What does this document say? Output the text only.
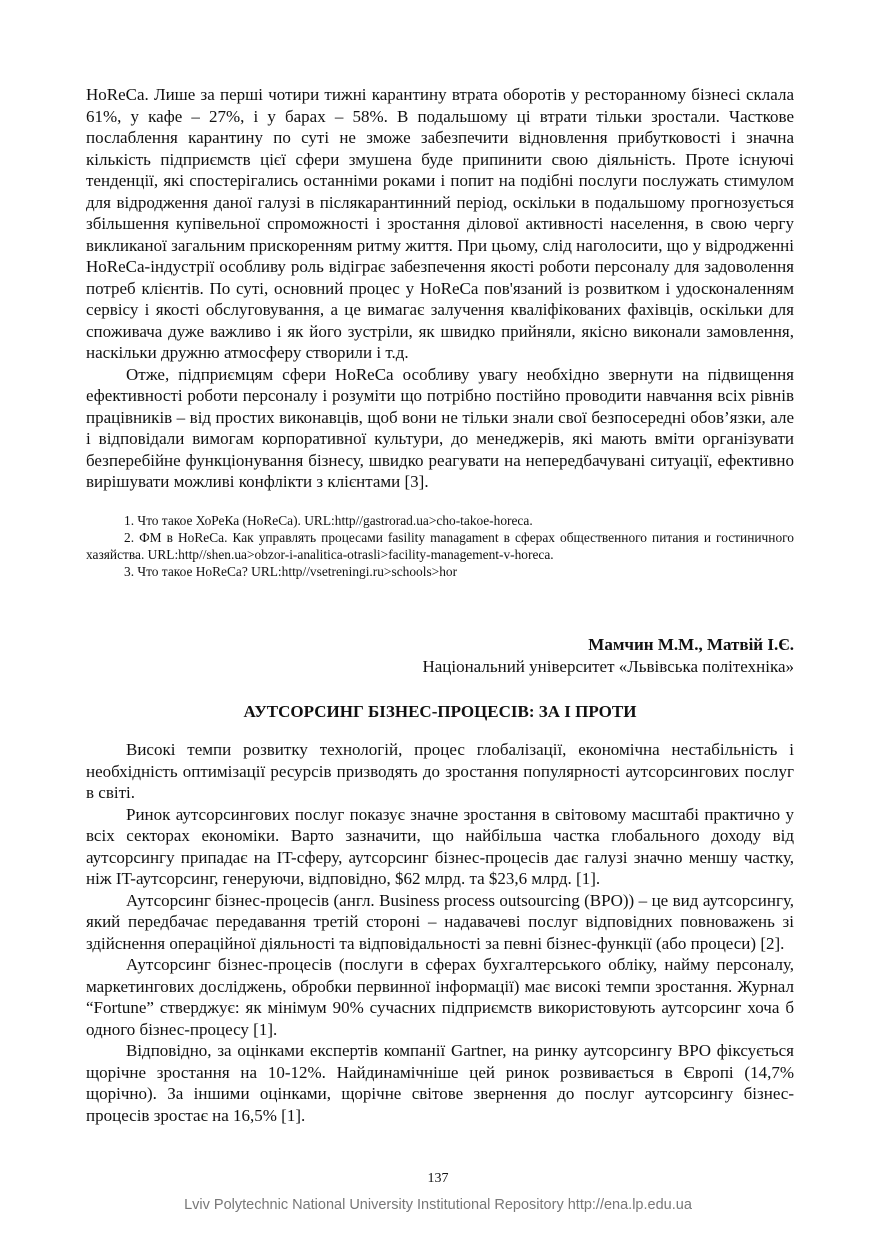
HoReCa. Лише за перші чотири тижні карантину втрата оборотів у ресторанному бізнесі склала 61%, у кафе – 27%, і у барах – 58%. В подальшому ці втрати тільки зростали. Часткове послаблення карантину по суті не зможе забезпечити відновлення прибутковості і значна кількість підприємств цієї сфери змушена буде припинити свою діяльність. Проте існуючі тенденції, які спостерігались останніми роками і попит на подібні послуги послужать стимулом для відродження даної галузі в післякарантинний період, оскільки в подальшому прогнозується збільшення купівельної спроможності і зростання ділової активності населення, в свою чергу викликаної загальним прискоренням ритму життя. При цьому, слід наголосити, що у відродженні HoReCa-індустрії особливу роль відіграє забезпечення якості роботи персоналу для задоволення потреб клієнтів. По суті, основний процес у HoReCa пов'язаний із розвитком і удосконаленням сервісу і якості обслуговування, а це вимагає залучення кваліфікованих фахівців, оскільки для споживача дуже важливо і як його зустріли, як швидко прийняли, якісно виконали замовлення, наскільки дружню атмосферу створили і т.д.

Отже, підприємцям сфери HoReCa особливу увагу необхідно звернути на підвищення ефективності роботи персоналу і розуміти що потрібно постійно проводити навчання всіх рівнів працівників – від простих виконавців, щоб вони не тільки знали свої безпосередні обов’язки, але і відповідали вимогам корпоративної культури, до менеджерів, які мають вміти організувати безперебійне функціонування бізнесу, швидко реагувати на непередбачувані ситуації, ефективно вирішувати можливі конфлікти з клієнтами [3].

1. Что такое ХоРеКа (HoReCa). URL:http//gastrorad.ua>cho-takoe-horeca.

2. ФМ в HoReCa. Как управлять процесами fasility managament в сферах общественного питания и гостиничного хазяйства. URL:http//shen.ua>obzor-i-analitica-otrasli>facility-management-v-horeca.

3. Что такое HoReCa? URL:http//vsetreningi.ru>schools>hor

Мамчин М.М., Матвій І.Є.
Національний університет «Львівська політехніка»
АУТСОРСИНГ БІЗНЕС-ПРОЦЕСІВ: ЗА І ПРОТИ

Високі темпи розвитку технологій, процес глобалізації, економічна нестабільність і необхідність оптимізації ресурсів призводять до зростання популярності аутсорсингових послуг в світі.

Ринок аутсорсингових послуг показує значне зростання в світовому масштабі практично у всіх секторах економіки. Варто зазначити, що найбільша частка глобального доходу від аутсорсингу припадає на IT-сферу, аутсорсинг бізнес-процесів дає галузі значно меншу частку, ніж IT-аутсорсинг, генеруючи, відповідно, $62 млрд. та $23,6 млрд. [1].

Аутсорсинг бізнес-процесів (англ. Business process outsourcing (BPO)) – це вид аутсорсингу, який передбачає передавання третій стороні – надавачеві послуг відповідних повноважень зі здійснення операційної діяльності та відповідальності за певні бізнес-функції (або процеси) [2].

Аутсорсинг бізнес-процесів (послуги в сферах бухгалтерського обліку, найму персоналу, маркетингових досліджень, обробки первинної інформації) має високі темпи зростання. Журнал “Fortune” стверджує: як мінімум 90% сучасних підприємств використовують аутсорсинг хоча б одного бізнес-процесу [1].

Відповідно, за оцінками експертів компанії Gartner, на ринку аутсорсингу BPO фіксується щорічне зростання на 10-12%. Найдинамічніше цей ринок розвивається в Європі (14,7% щорічно). За іншими оцінками, щорічне світове звернення до послуг аутсорсингу бізнес-процесів зростає на 16,5% [1].

137
Lviv Polytechnic National University Institutional Repository http://ena.lp.edu.ua
